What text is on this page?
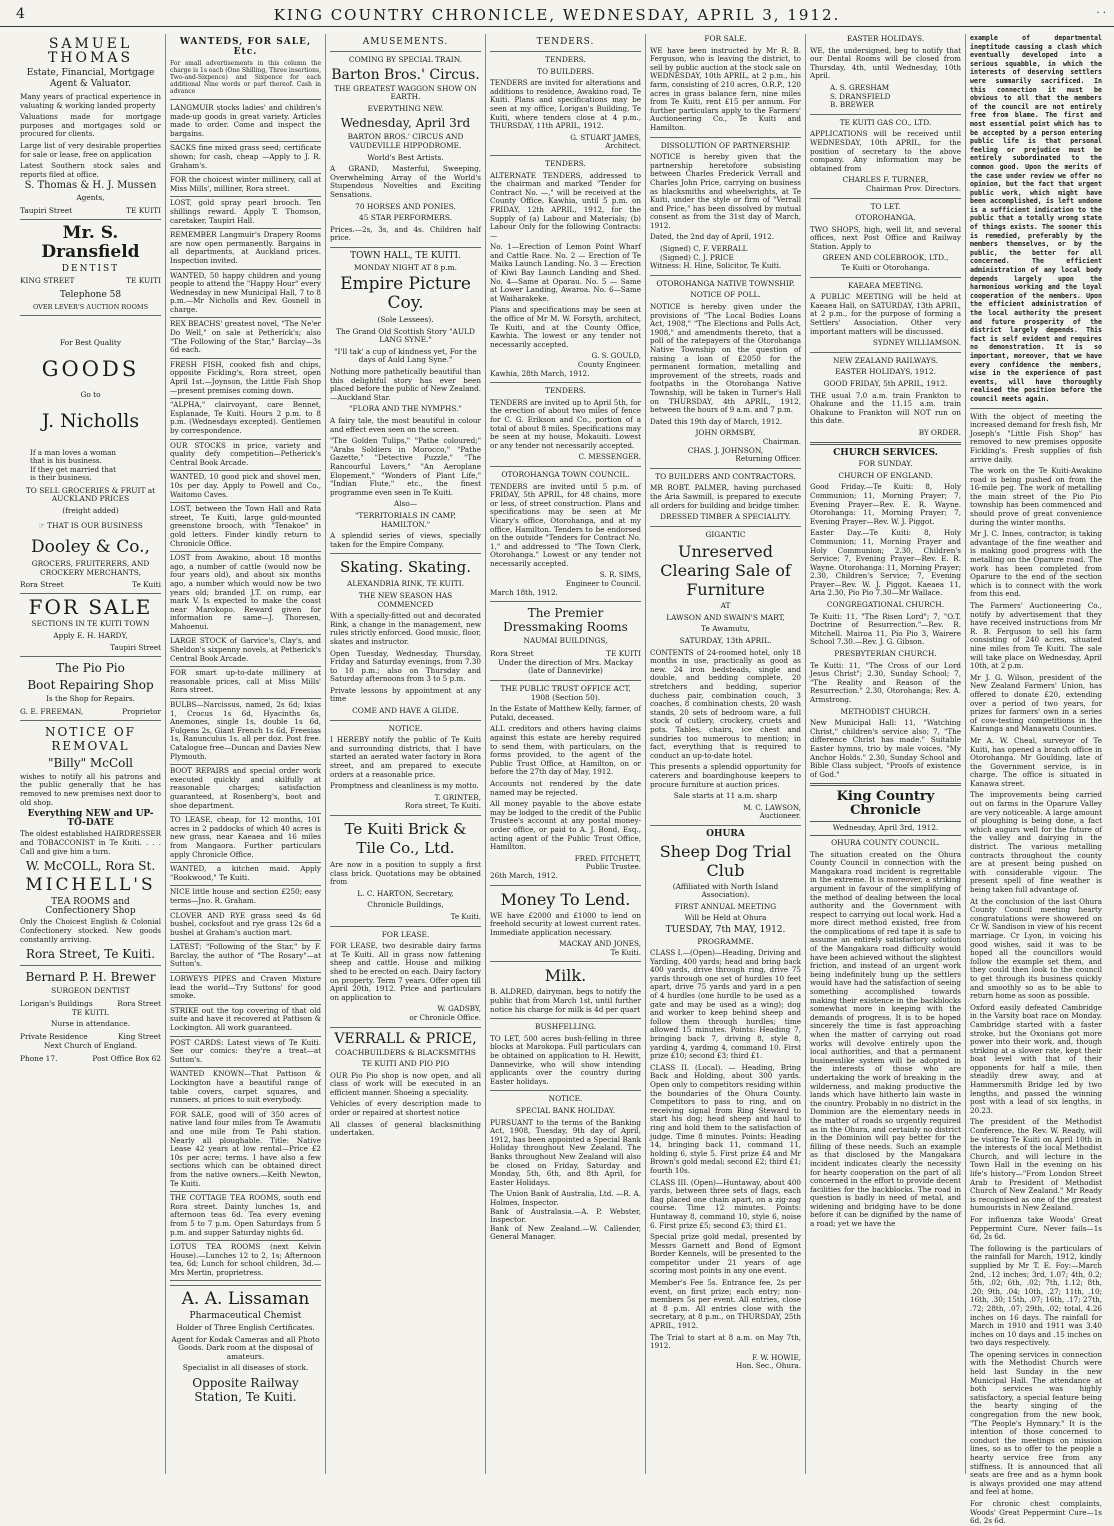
4	KING COUNTRY CHRONICLE, WEDNESDAY, APRIL 3, 1912.	· ·
SAMUEL THOMAS
Estate, Financial, Mortgage Agent & Valuator.

Many years of practical experience in valuating & working landed property

Valuations made for mortgage purposes and mortgages sold or procured for clients.

Large list of very desirable properties for sale or lease, free on application

Latest Southern stock sales and reports filed at office.

S. Thomas & H. J. Mussen
Agents,
Taupiri Street	TE KUITI
Mr. S. Dransfield
DENTIST
KING STREET	TE KUITI
Telephone 58
OVER LEVER'S AUCTION ROOMS
For Best Quality
GOODS
Go to
J. Nicholls
If a man loves a woman
that is his business.
If they get married that
is their business.
TO SELL GROCERIES & FRUIT at AUCKLAND PRICES
(freight added)
☞ THAT IS OUR BUSINESS
Dooley & Co.,
GROCERS, FRUITERERS, AND CROCKERY MERCHANTS,
Rora Street	Te Kuiti
FOR SALE
SECTIONS IN TE KUITI TOWN
Apply E. H. HARDY,
Taupiri Street
The Pio Pio
Boot Repairing Shop
Is the Shop for Repairs.
G. E. FREEMAN,	Proprietor
NOTICE OF REMOVAL
"Billy" McColl

wishes to notify all his patrons and the public generally that he has removed to new premises next door to old shop.

Everything NEW and UP-TO-DATE

The oldest established HAIRDRESSER and TOBACCONIST in Te Kuiti. . . . Call and give him a turn.

W. McCOLL, Rora St.
MICHELL'S
TEA ROOMS and Confectionery Shop

Only the Choicest English & Colonial Confectionery stocked. New goods constantly arriving.

Rora Street, Te Kuiti.
Bernard P. H. Brewer
SURGEON DENTIST
Lorigan's Buildings	Rora Street
TE KUITI.
Nurse in attendance.
Private Residence	King Street
Next Church of England.
Phone 17.	Post Office Box 62
WANTEDS, FOR SALE, Etc.

For small advertisements in this column the charge is 1s each (One Shilling, Three insertions, Two-and-Sixpence) and Sixpence for each additional Nine words or part thereof. Cash in advance

LANGMUIR stocks ladies' and children's made-up goods in great variety. Articles made to order. Come and inspect the bargains.

SACKS fine mixed grass seed; certificate shown; for cash, cheap —Apply to J. R. Graham's.

FOR the choicest winter millinery, call at Miss Mills', milliner, Rora street.

LOST, gold spray pearl brooch. Ten shillings reward. Apply T. Thomson, caretaker, Taupiri Hall.

REMEMBER Langmuir's Drapery Rooms are now open permanently. Bargains in all departments, at Auckland prices. Inspection invited.

WANTED, 50 happy children and young people to attend the "Happy Hour" every Wednesday in new Municipal Hall, 7 to 8 p.m.—Mr Nicholls and Rev. Gosnell in charge.

REX BEACHS' greatest novel, "The Ne'er Do Well," on sale at Petherick's; also "The Following of the Star," Barclay—3s 6d each.

FRESH FISH, cooked fish and chips, opposite Fickling's, Rora street, open April 1st.—Joynson, the Little Fish Shop—present premises coming down.

"ALPHA," clairvoyant, care Bennet, Esplanade, Te Kuiti. Hours 2 p.m. to 8 p.m. (Wednesdays excepted). Gentlemen by correspondence.

OUR STOCKS in price, variety and quality defy competition—Petherick's Central Book Arcade.

WANTED, 10 good pick and shovel men, 10s per day. Apply to Powell and Co., Waitomo Caves.

LOST, between the Town Hall and Rata street, Te Kuiti, large gold-mounted greenstone brooch, with "Tenakoe" in gold letters. Finder kindly return to Chronicle Office.

LOST from Awakino, about 18 months ago, a number of cattle (would now be four years old), and about six months ago, a number which would now be two years old; branded J.T. on rump, ear mark V. Is expected to make the coast near Marokopo. Reward given for information re same—J. Thoresen, Mahoenui.

LARGE STOCK of Garvice's, Clay's, and Sheldon's sixpenny novels, at Petherick's Central Book Arcade.

FOR smart up-to-date millinery at reasonable prices, call at Miss Mills' Rora street.

BULBS—Narcissus, named, 2s 6d; Ixias 1, Crocus 1s 6d, Hyacinths 6s, Anemones, single 1s, double 1s 6d, Fulgens 2s, Giant French 1s 6d, Freesias 1s, Ranunculus 1s, all per doz. Post free. Catalogue free—Duncan and Davies New Plymouth.

BOOT REPAIRS and special order work executed quickly and skilfully at reasonable charges; satisfaction guaranteed, at Rosenberg's, boot and shoe department.

TO LEASE, cheap, for 12 months, 101 acres in 2 paddocks of which 40 acres is new grass, near Kaeaea and 16 miles from Mangaora. Further particulars apply Chronicle Office.

WANTED, a kitchen maid. Apply "Rookwood," Te Kuiti.

NICE little house and section £250; easy terms—Jno. R. Graham.

CLOVER AND RYE grass seed 4s 6d bushel, cocksfoot and rye grass 12s 6d a bushel at Graham's auction mart.

LATEST: "Following of the Star," by F. Barclay, the author of "The Rosary"—at Sutton's.

LORWEYS PIPES and Craven Mixture lead the world—Try Suttons' for good smoke.

STRIKE out the top covering of that old suite and have it recovered at Pattison & Lockington. All work guaranteed.

POST CARDS: Latest views of Te Kuiti. See our comics: they're a treat—at Sutton's.

WANTED KNOWN—That Pattison & Lockington have a beautiful range of table covers, carpet squares, and runners, at prices to suit everybody.

FOR SALE, good will of 350 acres of native land four miles from Te Awamutu and one mile from Te Pahi station. Nearly all ploughable. Title: Native Lease 42 years at low rental—Price £2 10s per acre; terms. I have also a few sections which can be obtained direct from the native owners.—Keith Newton, Te Kuiti.

THE COTTAGE TEA ROOMS, south end Rora street. Dainty lunches 1s, and afternoon teas 6d. Tea every evening from 5 to 7 p.m. Open Saturdays from 5 p.m. and supper Saturday nights 6d.

LOTUS TEA ROOMS (next Kelvin House).—Lunches 12 to 2, 1s; Afternoon tea, 6d; Lunch for school children, 3d.—Mrs Mertin, proprietress.

A. A. Lissaman
Pharmaceutical Chemist
Holder of Three English Certificates.
Agent for Kodak Cameras and all Photo Goods. Dark room at the disposal of amateurs.
Specialist in all diseases of stock.
Opposite Railway Station, Te Kuiti.
AMUSEMENTS.
COMING BY SPECIAL TRAIN.
Barton Bros.' Circus.
THE GREATEST WAGGON SHOW ON EARTH.
EVERYTHING NEW.
Wednesday, April 3rd
BARTON BROS.' CIRCUS AND VAUDEVILLE HIPPODROME.
World's Best Artists.

A GRAND, Masterful, Sweeping, Overwhelming Array of the World's Stupendous Novelties and Exciting Sensations.

70 HORSES AND PONIES.
45 STAR PERFORMERS.

Prices.—2s, 3s, and 4s. Children half price.

TOWN HALL, TE KUITI.
MONDAY NIGHT AT 8 p.m.
Empire Picture Coy.
(Sole Lessees).
The Grand Old Scottish Story "AULD LANG SYNE."
"I'll tak' a cup of kindness yet, For the days of Auld Lang Syne."

Nothing more pathetically beautiful than this delightful story has ever been placed before the public of New Zealand.—Auckland Star.

"FLORA AND THE NYMPHS."

A fairy tale, the most beautiful in colour and effect even seen on the screen.

"The Golden Tulips," "Pathe coloured;" "Arabs Soldiers in Morocco," "Pathe Gazette," "Detective Puzzle," "The Rancourful Lovers," "An Aeroplane Elopement," "Wonders of Plant Life," "Indian Flute," etc., the finest programme even seen in Te Kuiti.

Also—
"TERRITORIALS IN CAMP, HAMILTON."

A splendid series of views, specially taken for the Empire Company.

Skating. Skating.
ALEXANDRIA RINK, TE KUITI.
THE NEW SEASON HAS COMMENCED

With a specially-fitted out and decorated Rink, a change in the management, new rules strictly enforced. Good music, floor, skates and instructor.

Open Tuesday, Wednesday, Thursday, Friday and Saturday evenings, from 7.30 to 10 p.m.; also on Thursday and Saturday afternoons from 3 to 5 p.m.

Private lessons by appointment at any time

COME AND HAVE A GLIDE.
NOTICE.

I HEREBY notify the public of Te Kuiti and surrounding districts, that I have started an aerated water factory in Rora street, and am prepared to execute orders at a reasonable price.

Promptness and cleanliness is my motto.

T. GRINTER,
Rora street, Te Kuiti.
Te Kuiti Brick & Tile Co., Ltd.

Are now in a position to supply a first class brick. Quotations may be obtained from

L. C. HARTON, Secretary,
Chronicle Buildings,
Te Kuiti.
FOR LEASE.

FOR LEASE, two desirable dairy farms at Te Kuiti. All in grass now fattening sheep and cattle. House and milking shed to be erected on each. Dairy factory on property. Term 7 years. Offer open till April 20th, 1912. Price and particulars on application to

W. GADSBY,
or Chronicle Office.
VERRALL & PRICE,
COACHBUILDERS & BLACKSMITHS
TE KUITI AND PIO PIO

OUR Pio Pio shop is now open, and all class of work will be executed in an efficient manner. Shoeing a speciality.

Vehicles of every description made to order or repaired at shortest notice

All classes of general blacksmithing undertaken.

TENDERS.
TENDERS.
TO BUILDERS.

TENDERS are invited for alterations and additions to residence, Awakino road, Te Kuiti. Plans and specifications may be seen at my office, Lorigan's Building, Te Kuiti, where tenders close at 4 p.m., THURSDAY, 11th APRIL, 1912.

G. STUART JAMES,
Architect.
TENDERS.

ALTERNATE TENDERS, addressed to the chairman and marked "Tender for Contract No. —," will be received at the County Office, Kawhia, until 5 p.m. on FRIDAY, 12th APRIL, 1912, for the Supply of (a) Labour and Materials; (b) Labour Only for the following Contracts:—

No. 1—Erection of Lemon Point Wharf and Cattle Race. No. 2 — Erection of Te Maika Launch Landing. No. 3 — Erection of Kiwi Bay Launch Landing and Shed. No. 4—Same at Oparau. No. 5 — Same at Lower Landing, Awaroa. No. 6—Same at Waiharakeke.

Plans and specifications may be seen at the office of Mr M. W. Forsyth, architect, Te Kuiti, and at the County Office, Kawhia. The lowest or any tender not necessarily accepted.

G. S. GOULD,
County Engineer.
Kawhia, 28th March, 1912.
TENDERS.

TENDERS are invited up to April 5th, for the erection of about two miles of fence for C. G. Erikson and Co., portion of a total of about 8 miles. Specifications may be seen at my house, Mokauiti. Lowest or any tender not necessarily accepted.

C. MESSENGER.
OTOROHANGA TOWN COUNCIL.

TENDERS are invited until 5 p.m. of FRIDAY, 5th APRIL, for 48 chains, more or less, of street construction. Plans and specifications may be seen at Mr Vicary's office, Otorohanga, and at my office, Hamilton. Tenders to be endorsed on the outside "Tenders for Contract No. 1," and addressed to "The Town Clerk, Otorohanga." Lowest or any tender not necessarily accepted.

S. R. SIMS,
Engineer to Council.
March 18th, 1912.
The Premier Dressmaking Rooms
NAUMAI BUILDINGS,
Rora Street	TE KUITI
Under the direction of Mrs. Mackay (late of Dannevirke)
THE PUBLIC TRUST OFFICE ACT, 1908 (Section 50).

In the Estate of Matthew Kelly, farmer, of Putaki, deceased.

ALL creditors and others having claims against this estate are hereby required to send them, with particulars, on the forms provided, to the agent of the Public Trust Office, at Hamilton, on or before the 27th day of May, 1912.

Accounts not rendered by the date named may be rejected.

All money payable to the above estate may be lodged to the credit of the Public Trustee's account at any postal money-order office, or paid to A. J. Bond, Esq., acting agent of the Public Trust Office, Hamilton.

FRED. FITCHETT,
Public Trustee.
26th March, 1912.
Money To Lend.

WE have £2000 and £1000 to lend on freehold security at lowest current rates. Immediate application necessary.

MACKAY AND JONES,
Te Kuiti.
Milk.

B. ALDRED, dairyman, begs to notify the public that from March 1st, until further notice his charge for milk is 4d per quart

BUSHFELLING.

TO LET, 500 acres bush-felling in three blocks at Marokopa. Full particulars can be obtained on application to H. Hewitt, Dannevirke, who will show intending applicants over the country during Easter holidays.

NOTICE.
SPECIAL BANK HOLIDAY.

PURSUANT to the terms of the Banking Act, 1908, Tuesday, 9th day of April, 1912, has been appointed a Special Bank Holiday throughout New Zealand. The Banks throughout New Zealand will also be closed on Friday, Saturday and Monday, 5th, 6th, and 8th April, for Easter Holidays.

The Union Bank of Australia, Ltd. —R. A. Holmes, Inspector.

Bank of Australasia.—A. P. Webster, Inspector.

Bank of New Zealand.—W. Callender, General Manager.

FOR SALE.

WE have been instructed by Mr R. B. Ferguson, who is leaving the district, to sell by public auction at the stock sale on WEDNESDAY, 10th APRIL, at 2 p.m., his farm, consisting of 210 acres, O.R.P., 120 acres in grass balance fern, nine miles from Te Kuiti, rent £15 per annum. For further particulars apply to the Farmers' Auctioneering Co., Te Kuiti and Hamilton.

DISSOLUTION OF PARTNERSHIP.

NOTICE is hereby given that the partnership heretofore subsisting between Charles Frederick Verrall and Charles John Price, carrying on business as blacksmiths and wheelwrights, at Te Kuiti, under the style or firm of "Verrall and Price," has been dissolved by mutual consent as from the 31st day of March, 1912.

Dated, the 2nd day of April, 1912.

(Signed) C. F. VERRALL
(Signed) C. J. PRICE

Witness: H. Hine, Solicitor, Te Kuiti.

OTOROHANGA NATIVE TOWNSHIP.
NOTICE OF POLL.

NOTICE is hereby given under the provisions of "The Local Bodies Loans Act, 1908," "The Elections and Polls Act, 1908," and amendments thereto, that a poll of the ratepayers of the Otorohanga Native Township on the question of raising a loan of £2050 for the permanent formation, metalling and improvement of the streets, roads and footpaths in the Otorohanga Native Township, will be taken in Turner's Hall on THURSDAY, 4th APRIL, 1912, between the hours of 9 a.m. and 7 p.m.

Dated this 19th day of March, 1912.

JOHN ORMSBY,
Chairman.
CHAS. J. JOHNSON,
Returning Officer.
TO BUILDERS AND CONTRACTORS.

MR ROBT. PALMER, having purchased the Aria Sawmill, is prepared to execute all orders for building and bridge timber.

DRESSED TIMBER A SPECIALITY.
GIGANTIC
Unreserved Clearing Sale of Furniture
AT
LAWSON AND SWAIN'S MART,
Te Awamutu,
SATURDAY, 13th APRIL.

CONTENTS of 24-roomed hotel, only 18 months in use, practically as good as new. 24 iron bedsteads, single and double, and bedding complete, 20 stretchers and bedding, superior duchess pair, combination couch, 3 coaches, 8 combination chests, 20 wash stands, 20 sets of bedroom ware, a full stock of cutlery, crockery, cruets and pots. Tables, chairs, ice chest and sundries too numerous to mention; in fact, everything that is required to conduct an up-to-date hotel.

This presents a splendid opportunity for caterers and boardinghouse keepers to procure furniture at auction prices.

Sale starts at 11 a.m. sharp
M. C. LAWSON,
Auctioneer.
OHURA
Sheep Dog Trial Club
(Affiliated with North Island Association).
FIRST ANNUAL MEETING
Will be Held at Ohura
TUESDAY, 7th MAY, 1912.
PROGRAMME.

CLASS I.—(Open)—Heading, Driving and Yarding, 400 yards; head and bring back 400 yards, drive through ring, drive 75 yards through one set of hurdles 10 feet apart, drive 75 yards and yard in a pen of 4 hurdles (one hurdle to be used as a gate and may be used as a wing); dog and worker to keep behind sheep and follow them through hurdles; time allowed 15 minutes. Points: Heading 7, bringing back 7, driving 8, style 8, yarding 4, yardmg 4, command 10. First prize £10; second £3; third £1.

CLASS II. (Local). — Heading, Bring Back and Holding, about 300 yards. Open only to competitors residing within the boundaries of the Ohura County. Competitors to pass to ring, and on receiving signal from Ring Steward to start his dog; head sheep and haul to ring and hold them to the satisfaction of judge. Time 8 minutes. Points: Heading 14, bringing back 11, command 11, holding 6, style 5. First prize £4 and Mr Brown's gold medal; second £2; third £1; fourth 10s.

CLASS III. (Open)—Huntaway, about 400 yards, between three sets of flags, each flag placed one chain apart, on a zig-zag course. Time 12 minutes. Points: Huntaway 8, command 10, style 6, noise 6. First prize £5; second £3; third £1.

Special prize gold medal, presented by Messrs Garnett and Bond of Egmont Border Kennels, will be presented to the competitor under 21 years of age scoring most points in any one event.

Member's Fee 5s. Entrance fee, 2s per event, on first prize; each entry; non-members 5s per event. All entries, close at 8 p.m. All entries close with the secretary, at 8 p.m., on THURSDAY, 25th APRIL, 1912.

The Trial to start at 8 a.m. on May 7th, 1912.

F. W. HOWIE,
Hon. Sec., Ohura.
EASTER HOLIDAYS.

WE, the undersigned, beg to notify that our Dental Rooms will be closed from Thursday, 4th, until Wednesday, 10th April.

A. S. GRESHAM
S. DRANSFIELD
B. BREWER
TE KUITI GAS CO., LTD.

APPLICATIONS will be received until WEDNESDAY, 10th APRIL, for the position of secretary to the above company. Any information may be obtained from

CHARLES F. TURNER,
Chairman Prov. Directors.
TO LET.
OTOROHANGA.

TWO SHOPS, high, well lit, and several offices, next Post Office and Railway Station. Apply to

GREEN AND COLEBROOK, LTD.,
Te Kuiti or Otorohanga.
KAEAEA MEETING.

A PUBLIC MEETING will be held at Kaeaea Hall, on SATURDAY, 13th APRIL, at 2 p.m., for the purpose of forming a Settlers' Association. Other very important matters will be discussed.

SYDNEY WILLIAMSON.
NEW ZEALAND RAILWAYS.
EASTER HOLIDAYS, 1912.
GOOD FRIDAY, 5th APRIL, 1912.

THE usual 7.0 a.m. train Frankton to Ohakune and the 11.15 a.m. train Ohakune to Frankton will NOT run on this date.

BY ORDER.
CHURCH SERVICES.
FOR SUNDAY.
CHURCH OF ENGLAND.

Good Friday.—Te Kuiti: 8, Holy Communion; 11, Morning Prayer; 7, Evening Prayer—Rev. E. R. Wayne. Otorohanga: 11, Morning Prayer; 7, Evening Prayer—Rev. W. J. Piggot.

Easter Day.—Te Kuiti: 8, Holy Communion; 11, Morning Prayer and Holy Communion; 2.30, Children's Service; 7, Evening Prayer—Rev. E. R. Wayne. Otorohanga: 11, Morning Prayer; 2.30, Children's Service; 7, Evening Prayer—Rev. W. J. Piggot. Kaeaea 11, Aria 2.30, Pio Pio 7.30—Mr Wallace.

CONGREGATIONAL CHURCH.

Te Kuiti: 11, "The Risen Lord"; 7, "O.T. Doctrine of Resurrection."—Rev. R. Mitchell. Mairoa 11, Pio Pio 3, Wairere School 7.30.—Rev. J. G. Gibson.

PRESBYTERIAN CHURCH.

Te Kuiti: 11, "The Cross of our Lord Jesus Christ"; 2.30, Sunday School; 7, "The Reality and Reason of the Resurrection." 2.30, Otorohanga; Rev. A. Armstrong.

METHODIST CHURCH.

New Municipal Hall: 11, "Watching Christ," children's service also; 7, "The difference Christ has made." Suitable Easter hymns, trio by male voices, "My Anchor Holds." 2.30, Sunday School and Bible Class subject, "Proofs of existence of God."

King Country Chronicle
Wednesday, April 3rd, 1912.
OHURA COUNTY COUNCIL.

The situation created on the Ohura County Council in connection with the Mangakara road incident is regrettable in the extreme. It is moreover, a striking argument in favour of the simplifying of the method of dealing between the local authority and the Government with respect to carrying out local work. Had a more direct method existed, free from the complications of red tape it is safe to assume an entirely satisfactory solution of the Mangakara road difficulty would have been achieved without the slightest friction, and instead of an urgent work being indefinitely hung up the settlers would have had the satisfaction of seeing something accomplished towards making their existence in the backblocks somewhat more in keeping with the demands of progress. It is to be hoped sincerely the time is fast approaching when the matter of carrying out road works will devolve entirely upon the local authorities, and that a permanent businesslike system will be adopted in the interests of those who are undertaking the work of breaking in the wilderness, and making productive the lands which have hitherto lain waste in the country. Probably in no district in the Dominion are the elementary needs in the matter of roads so urgently required as in the Ohura, and certainly no district in the Dominion will pay better for the filling of these needs. Such an example as that disclosed by the Mangakara incident indicates clearly the necessity for hearty cooperation on the part of all concerned in the effort to provide decent facilities for the backblocks. The road in question is badly in need of metal, and widening and bridging have to be done before it can be dignified by the name of a road; yet we have the

example of departmental ineptitude causing a clash which eventually developed into a serious squabble, in which the interests of deserving settlers were summarily sacrificed. In this connection it must be obvious to all that the members of the council are not entirely free from blame. The first and most essential point which has to be accepted by a person entering public life is that personal feeling or prejudice must be entirely subordinated to the common good. Upon the merits of the case under review we offer no opinion, but the fact that urgent public work, which might have been accomplished, is left undone is a sufficient indication to the public that a totally wrong state of things exists. The sooner this is remedied, preferably by the members themselves, or by the public, the better for all concerned. The efficient administration of any local body depends largely upon the harmonious working and the loyal cooperation of the members. Upon the efficient administration of the local authority the present and future prosperity of the district largely depends. This fact is self evident and requires no demonstration. It is so important, moreover, that we have every confidence the members, wise in the experience of past events, will have thoroughly realised the position before the council meets again.

With the object of meeting the increased demand for fresh fish, Mr Joseph's "Little Fish Shop" has removed to new premises opposite Fickling's. Fresh supplies of fish arrive daily.

The work on the Te Kuiti-Awakino road is being pushed on from the 16-mile peg. The work of metalling the main street of the Pio Pio township has been commenced and should prove of great convenience during the winter months.

Mr J. C. Innes, contractor, is taking advantage of the fine weather and is making good progress with the metalling on the Oparure road. The work has been completed from Oparure to the end of the section which is to connect with the work from this end.

The Farmers' Auctioneering Co., notify by advertisement that they have received instructions from Mr R. B. Ferguson to sell his farm consisting of 240 acres, situated nine miles from Te Kuiti. The sale will take place on Wednesday, April 10th, at 2 p.m.

Mr J. G. Wilson, president of the New Zealand Farmers' Union, has offered to donate £20, extending over a period of two years, for prizes for farmers' own in a series of cow-testing competitions in the Kairanga and Manawatu Counties.

Mr A. W. Cheal, surveyor of Te Kuiti, has opened a branch office in Otorohanga. Mr Goulding, late of the Government service, is in charge. The office is situated in Kanawa street.

The improvements being carried out on farms in the Oparure Valley are very noticeable. A large amount of ploughing is being done, a fact which augurs well for the future of the valley and dairying in the district. The various metalling contracts throughout the county are at present being pushed on with considerable vigour. The present spell of fine weather is being taken full advantage of.

At the conclusion of the last Ohura County Council meeting hearty congratulations were showered on Cr W. Sandison in view of his recent marriage. Cr Lyon, in voicing his good wishes, said it was to be hoped all the councillors would follow the example set them, and they could then look to the council to get through its business quickly and smoothly so as to be able to return home as soon as possible.

Oxford easily defeated Cambridge in the Varsity boat race on Monday. Cambridge started with a faster stroke, but the Oxonians got more power into their work, and, though striking at a slower rate, kept their boat level with that of their opponents for half a mile, then steadily drew away, and at Hammersmith Bridge led by two lengths, and passed the winning post with a lead of six lengths, in 20.23.

The president of the Methodist Conference, the Rev. W. Ready, will be visiting Te Kuiti on April 10th in the interests of the local Methodist Church, and will lecture in the Town Hall in the evening on his life's history—"From London Street Arab to President of Methodist Church of New Zealand." Mr Ready is recognised as one of the greatest humourists in New Zealand.

For influenza take Woods' Great Peppermint Cure. Never fails—1s 6d, 2s 6d.

The following is the particulars of the rainfall for March, 1912, kindly supplied by Mr T. E. Foy:—March 2nd, .12 inches; 3rd, 1.07; 4th, 0.2; 5th, .02; 6th, .02; 7th, 1.12; 8th, .20; 9th, .04; 10th, .27; 11th, .10; 16th, .30; 15th, .07; 16th, .17; 27th, .72; 28th, .07; 29th, .02; total, 4.26 inches on 16 days. The rainfall for March in 1910 and 1911 was 3.40 inches on 10 days and .15 inches on two days respectively.

The opening services in connection with the Methodist Church were held last Sunday in the new Municipal Hall. The attendance at both services was highly satisfactory, a special feature being the hearty singing of the congregation from the new book, "The People's Hymnary." It is the intention of those concerned to conduct the meetings on mission lines, so as to offer to the people a hearty service free from any stiffness. It is announced that all seats are free and as a hymn book is always provided one may attend and feel at home.

For chronic chest complaints, Woods' Great Peppermint Cure—1s 6d, 2s 6d.
